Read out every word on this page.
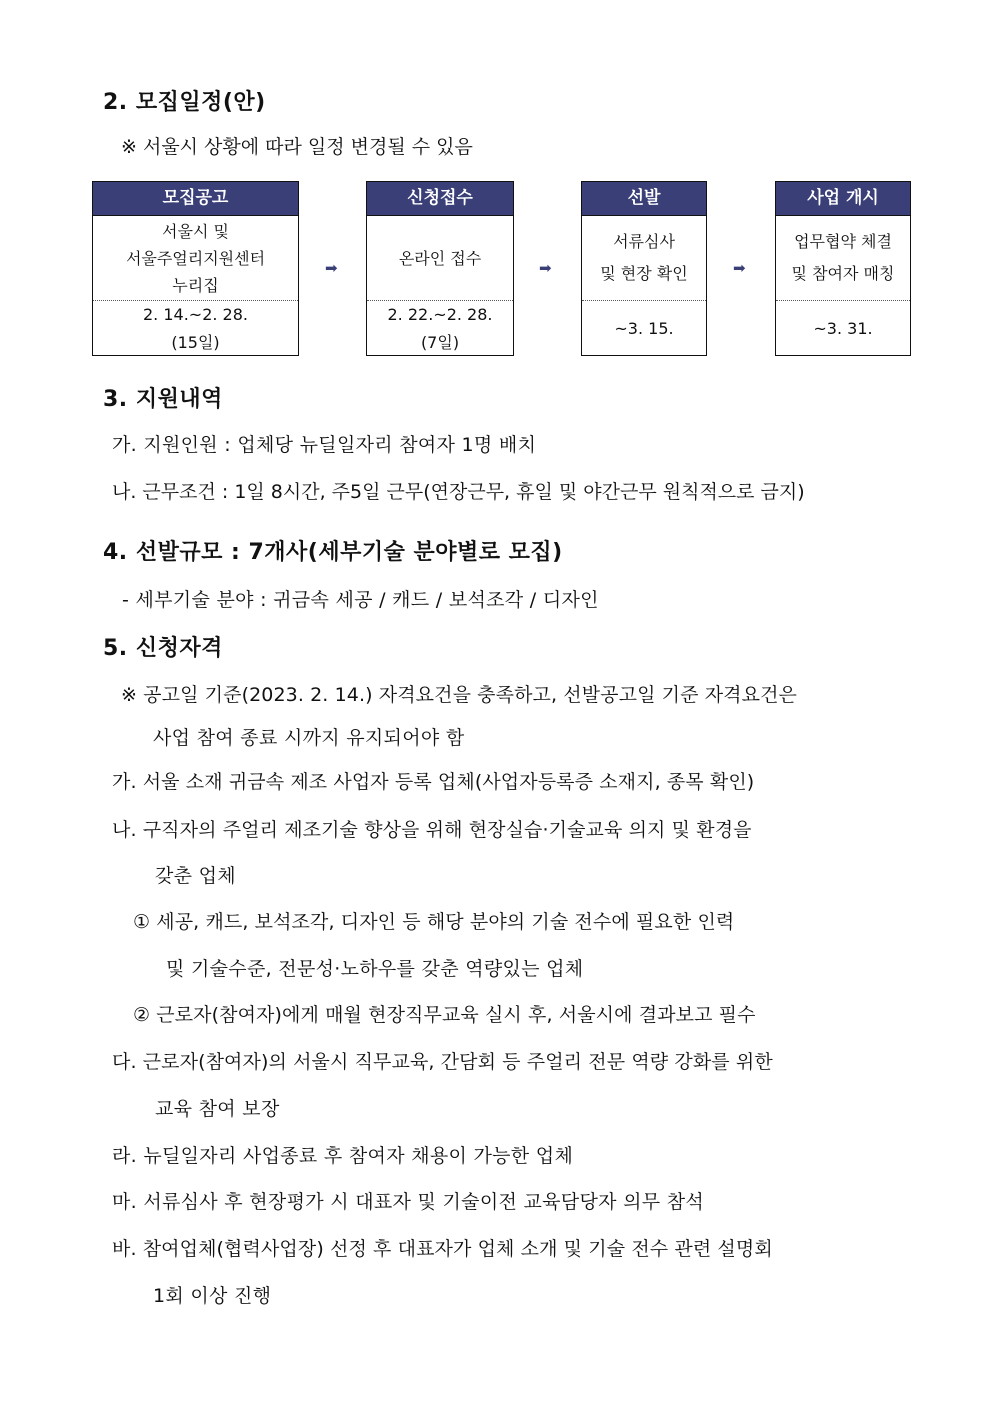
2. 모집일정(안)
※ 서울시 상황에 따라 일정 변경될 수 있음
모집공고
서울시 및
서울주얼리지원센터
누리집
2. 14.~2. 28.
(15일)
➡
신청접수
온라인 접수
2. 22.~2. 28.
(7일)
➡
선발
서류심사
및 현장 확인
~3. 15.
➡
사업 개시
업무협약 체결
및 참여자 매칭
~3. 31.
3. 지원내역
가. 지원인원 : 업체당 뉴딜일자리 참여자 1명 배치
나. 근무조건 : 1일 8시간, 주5일 근무(연장근무, 휴일 및 야간근무 원칙적으로 금지)
4. 선발규모 : 7개사(세부기술 분야별로 모집)
- 세부기술 분야 : 귀금속 세공 / 캐드 / 보석조각 / 디자인
5. 신청자격
※ 공고일 기준(2023. 2. 14.) 자격요건을 충족하고, 선발공고일 기준 자격요건은
사업 참여 종료 시까지 유지되어야 함
가. 서울 소재 귀금속 제조 사업자 등록 업체(사업자등록증 소재지, 종목 확인)
나. 구직자의 주얼리 제조기술 향상을 위해 현장실습·기술교육 의지 및 환경을
갖춘 업체
① 세공, 캐드, 보석조각, 디자인 등 해당 분야의 기술 전수에 필요한 인력
및 기술수준, 전문성·노하우를 갖춘 역량있는 업체
② 근로자(참여자)에게 매월 현장직무교육 실시 후, 서울시에 결과보고 필수
다. 근로자(참여자)의 서울시 직무교육, 간담회 등 주얼리 전문 역량 강화를 위한
교육 참여 보장
라. 뉴딜일자리 사업종료 후 참여자 채용이 가능한 업체
마. 서류심사 후 현장평가 시 대표자 및 기술이전 교육담당자 의무 참석
바. 참여업체(협력사업장) 선정 후 대표자가 업체 소개 및 기술 전수 관련 설명회
1회 이상 진행
